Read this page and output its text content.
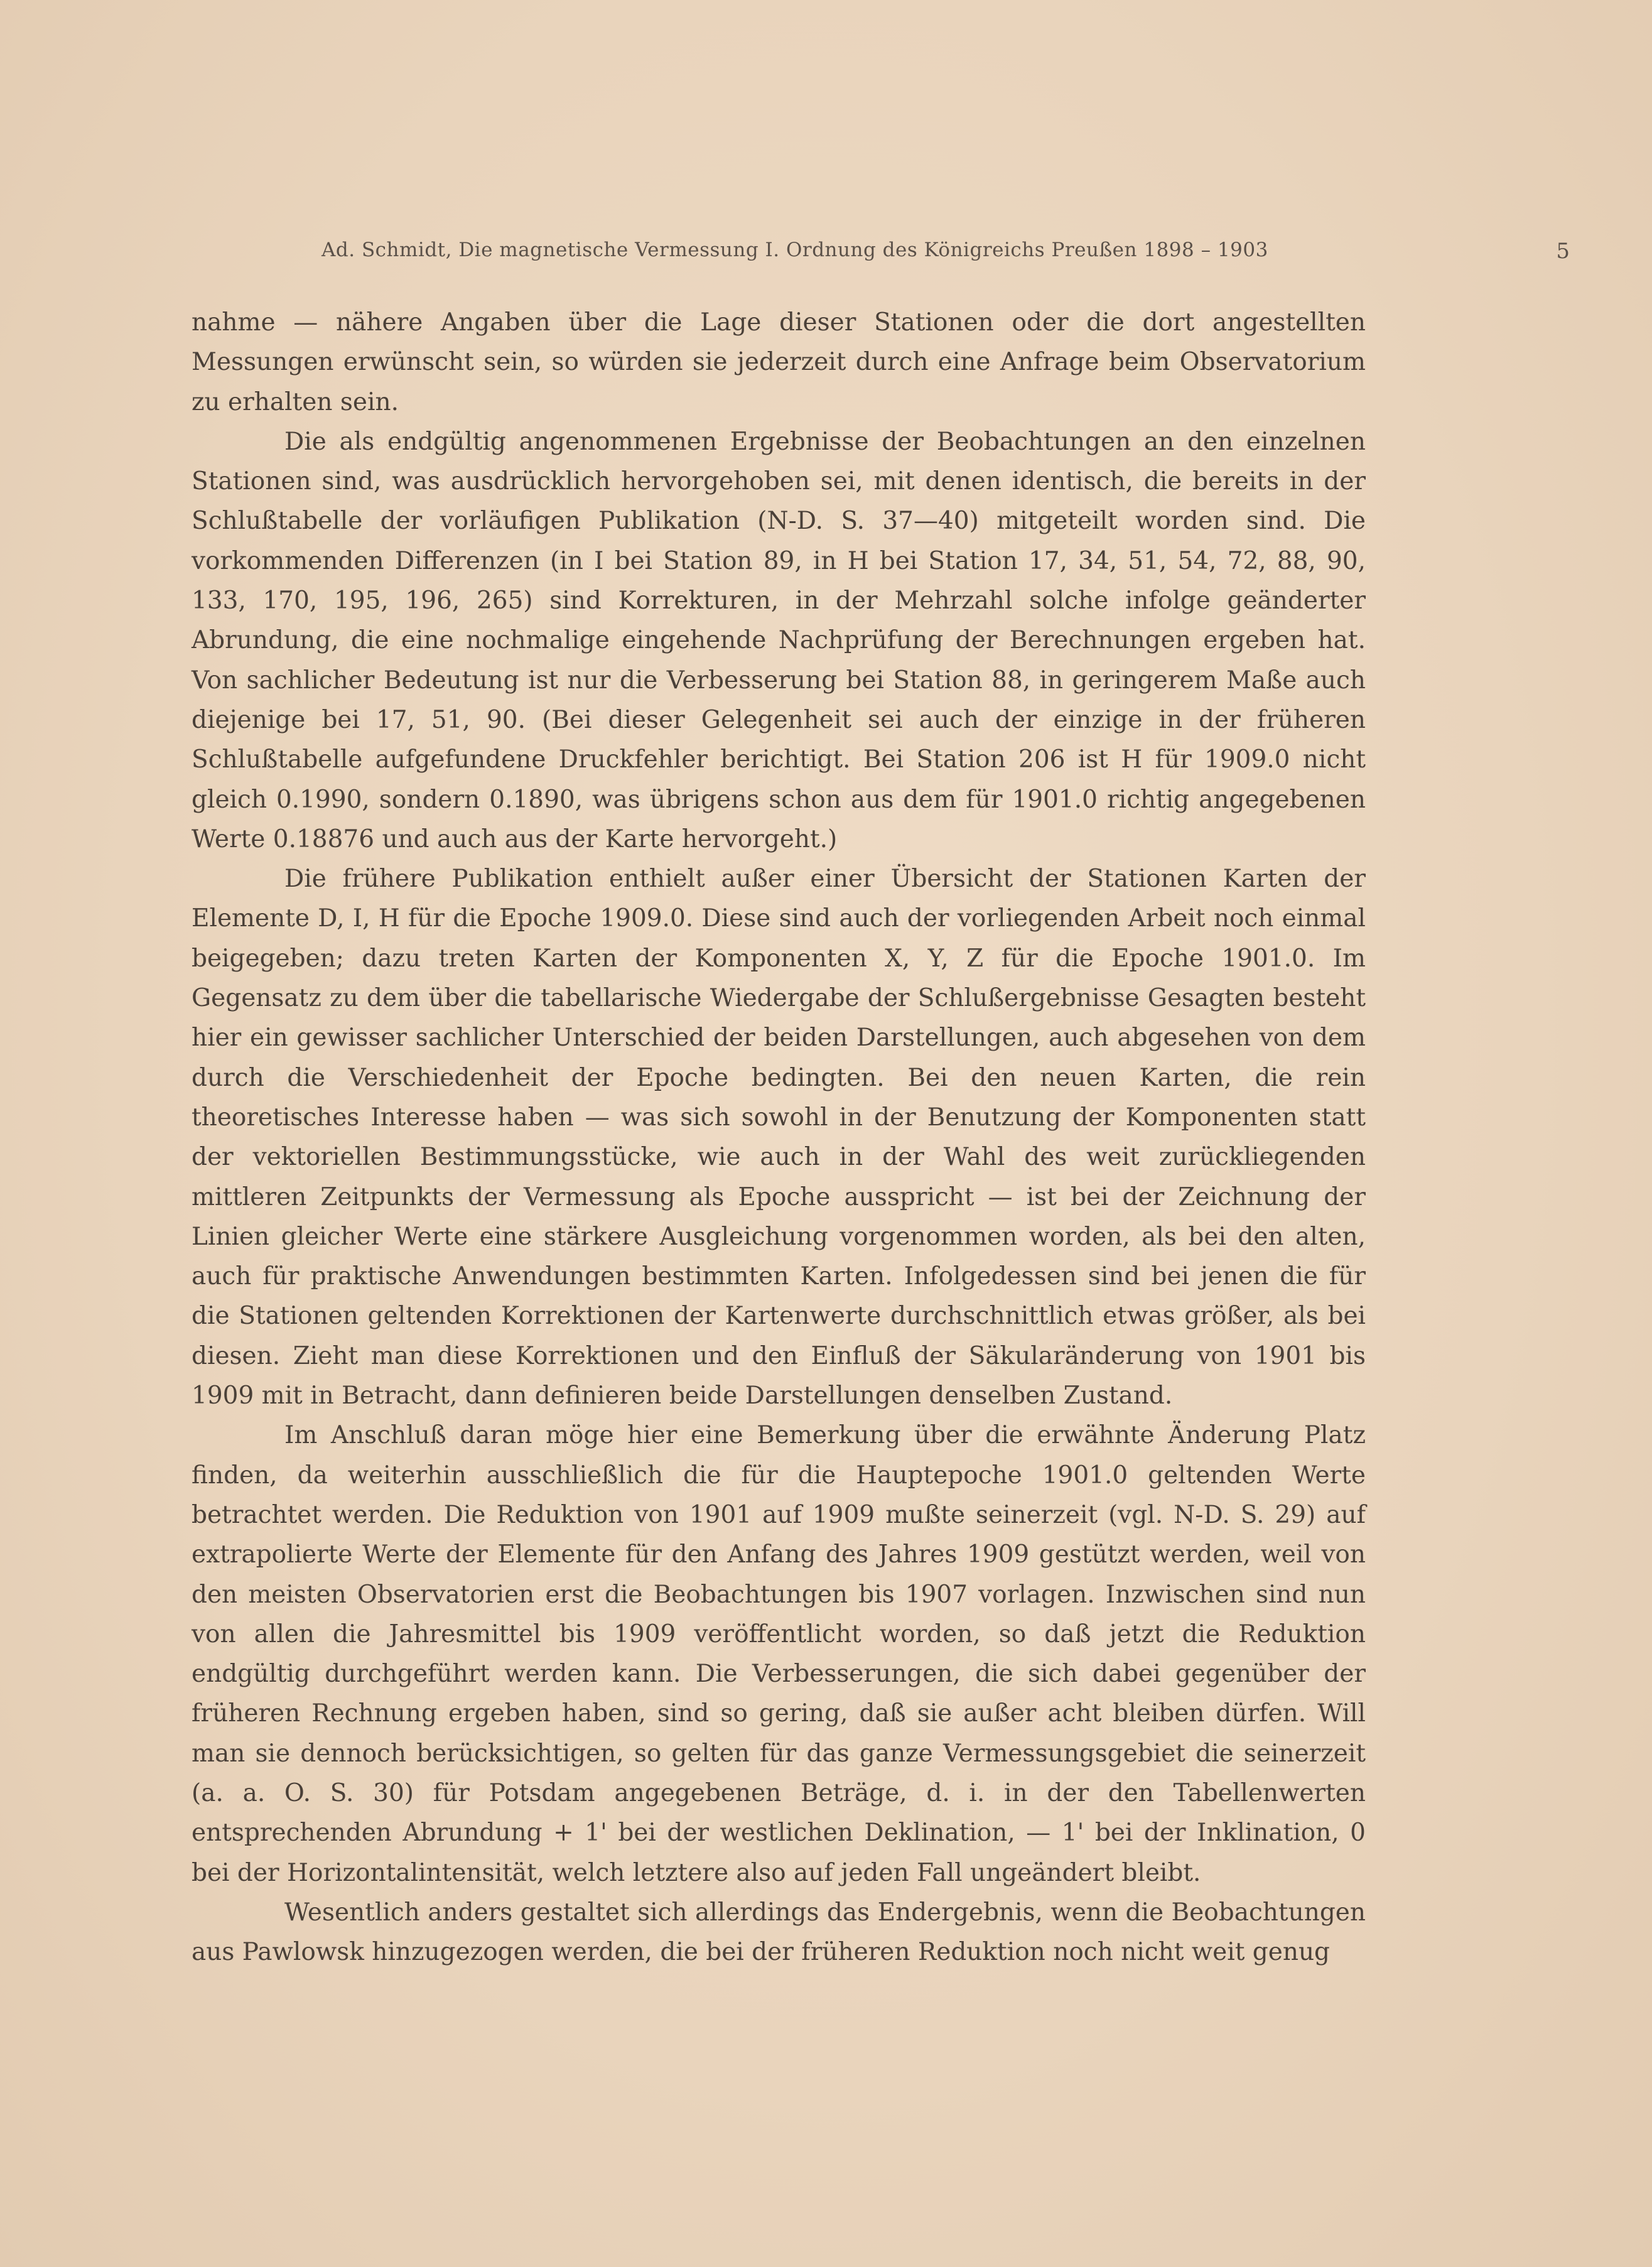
Ad. Schmidt, Die magnetische Vermessung I. Ordnung des Königreichs Preußen 1898 – 1903	5

nahme — nähere Angaben über die Lage dieser Stationen oder die dort angestellten Messungen erwünscht sein, so würden sie jederzeit durch eine Anfrage beim Observatorium zu erhalten sein.

Die als endgültig angenommenen Ergebnisse der Beobachtungen an den einzelnen Stationen sind, was ausdrücklich hervorgehoben sei, mit denen identisch, die bereits in der Schlußtabelle der vorläufigen Publikation (N-D. S. 37—40) mitgeteilt worden sind. Die vorkommenden Differenzen (in I bei Station 89, in H bei Station 17, 34, 51, 54, 72, 88, 90, 133, 170, 195, 196, 265) sind Korrekturen, in der Mehrzahl solche infolge geänderter Abrundung, die eine nochmalige eingehende Nachprüfung der Berechnungen ergeben hat. Von sachlicher Bedeutung ist nur die Verbesserung bei Station 88, in geringerem Maße auch diejenige bei 17, 51, 90. (Bei dieser Gelegenheit sei auch der einzige in der früheren Schlußtabelle aufgefundene Druckfehler berichtigt. Bei Station 206 ist H für 1909.0 nicht gleich 0.1990, sondern 0.1890, was übrigens schon aus dem für 1901.0 richtig angegebenen Werte 0.18876 und auch aus der Karte hervorgeht.)

Die frühere Publikation enthielt außer einer Übersicht der Stationen Karten der Elemente D, I, H für die Epoche 1909.0. Diese sind auch der vorliegenden Arbeit noch einmal beigegeben; dazu treten Karten der Komponenten X, Y, Z für die Epoche 1901.0. Im Gegensatz zu dem über die tabellarische Wiedergabe der Schlußergebnisse Gesagten besteht hier ein gewisser sachlicher Unterschied der beiden Darstellungen, auch abgesehen von dem durch die Verschiedenheit der Epoche bedingten. Bei den neuen Karten, die rein theoretisches Interesse haben — was sich sowohl in der Benutzung der Komponenten statt der vektoriellen Bestimmungsstücke, wie auch in der Wahl des weit zurückliegenden mittleren Zeitpunkts der Vermessung als Epoche ausspricht — ist bei der Zeichnung der Linien gleicher Werte eine stärkere Ausgleichung vorgenommen worden, als bei den alten, auch für praktische Anwendungen bestimmten Karten. Infolgedessen sind bei jenen die für die Stationen geltenden Korrektionen der Kartenwerte durchschnittlich etwas größer, als bei diesen. Zieht man diese Korrektionen und den Einfluß der Säkularänderung von 1901 bis 1909 mit in Betracht, dann definieren beide Darstellungen denselben Zustand.

Im Anschluß daran möge hier eine Bemerkung über die erwähnte Änderung Platz finden, da weiterhin ausschließlich die für die Hauptepoche 1901.0 geltenden Werte betrachtet werden. Die Reduktion von 1901 auf 1909 mußte seinerzeit (vgl. N-D. S. 29) auf extrapolierte Werte der Elemente für den Anfang des Jahres 1909 gestützt werden, weil von den meisten Observatorien erst die Beobachtungen bis 1907 vorlagen. Inzwischen sind nun von allen die Jahresmittel bis 1909 veröffentlicht worden, so daß jetzt die Reduktion endgültig durchgeführt werden kann. Die Verbesserungen, die sich dabei gegenüber der früheren Rechnung ergeben haben, sind so gering, daß sie außer acht bleiben dürfen. Will man sie dennoch berücksichtigen, so gelten für das ganze Vermessungsgebiet die seinerzeit (a. a. O. S. 30) für Potsdam angegebenen Beträge, d. i. in der den Tabellenwerten entsprechenden Abrundung + 1' bei der westlichen Deklination, — 1' bei der Inklination, 0 bei der Horizontalintensität, welch letztere also auf jeden Fall ungeändert bleibt.

Wesentlich anders gestaltet sich allerdings das Endergebnis, wenn die Beobachtungen aus Pawlowsk hinzugezogen werden, die bei der früheren Reduktion noch nicht weit genug
